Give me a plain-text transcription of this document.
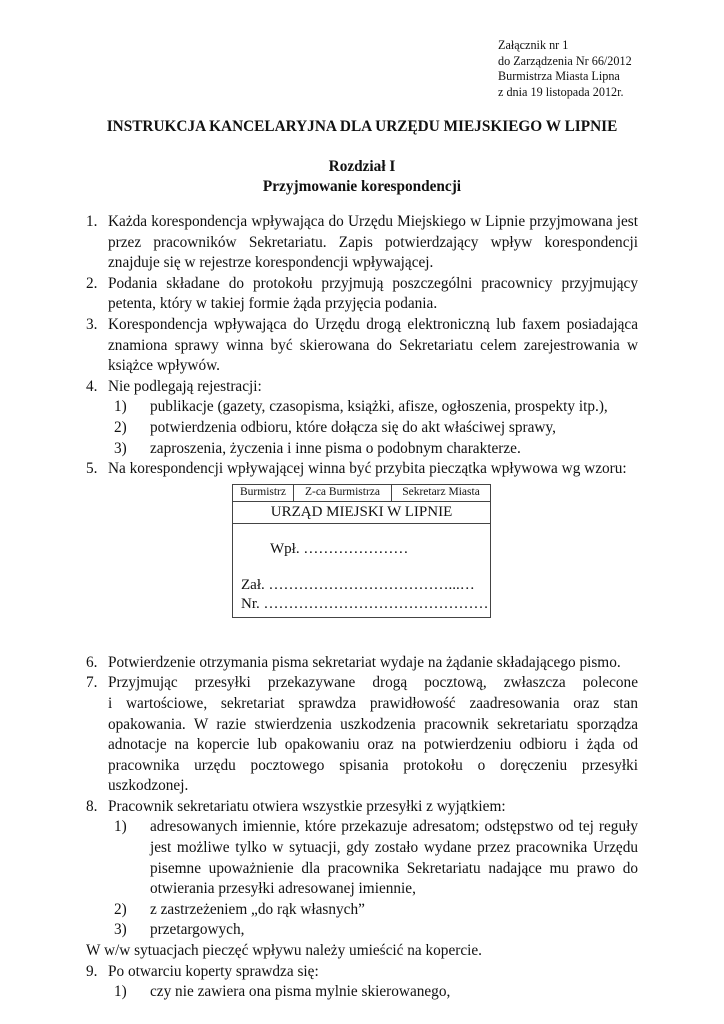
Załącznik nr 1
do Zarządzenia Nr 66/2012
Burmistrza Miasta Lipna
z dnia 19 listopada 2012r.
INSTRUKCJA KANCELARYJNA DLA URZĘDU MIEJSKIEGO W LIPNIE
Rozdział I
Przyjmowanie korespondencji
1. Każda korespondencja wpływająca do Urzędu Miejskiego w Lipnie przyjmowana jest przez pracowników Sekretariatu. Zapis potwierdzający wpływ korespondencji znajduje się w rejestrze korespondencji wpływającej.
2. Podania składane do protokołu przyjmują poszczególni pracownicy przyjmujący petenta, który w takiej formie żąda przyjęcia podania.
3. Korespondencja wpływająca do Urzędu drogą elektroniczną lub faxem posiadająca znamiona sprawy winna być skierowana do Sekretariatu celem zarejestrowania w książce wpływów.
4. Nie podlegają rejestracji:
1) publikacje (gazety, czasopisma, książki, afisze, ogłoszenia, prospekty itp.),
2) potwierdzenia odbioru, które dołącza się do akt właściwej sprawy,
3) zaproszenia, życzenia i inne pisma o podobnym charakterze.
5. Na korespondencji wpływającej winna być przybita pieczątka wpływowa wg wzoru:
6. Potwierdzenie otrzymania pisma sekretariat wydaje na żądanie składającego pismo.
7. Przyjmując przesyłki przekazywane drogą pocztową, zwłaszcza polecone
i wartościowe, sekretariat sprawdza prawidłowość zaadresowania oraz stan opakowania. W razie stwierdzenia uszkodzenia pracownik sekretariatu sporządza adnotacje na kopercie lub opakowaniu oraz na potwierdzeniu odbioru i żąda od pracownika urzędu pocztowego spisania protokołu o doręczeniu przesyłki uszkodzonej.
8. Pracownik sekretariatu otwiera wszystkie przesyłki z wyjątkiem:
1) adresowanych imiennie, które przekazuje adresatom; odstępstwo od tej reguły jest możliwe tylko w sytuacji, gdy zostało wydane przez pracownika Urzędu pisemne upoważnienie dla pracownika Sekretariatu nadające mu prawo do otwierania przesyłki adresowanej imiennie,
2) z zastrzeżeniem „do rąk własnych”
3) przetargowych,
W w/w sytuacjach pieczęć wpływu należy umieścić na kopercie.
9. Po otwarciu koperty sprawdza się:
1) czy nie zawiera ona pisma mylnie skierowanego,
Burmistrz	Z-ca Burmistrza	Sekretarz Miasta
URZĄD MIEJSKI W LIPNIE
Wpł. …………………
Zał. ………………………………...…
Nr. ………………………………………
